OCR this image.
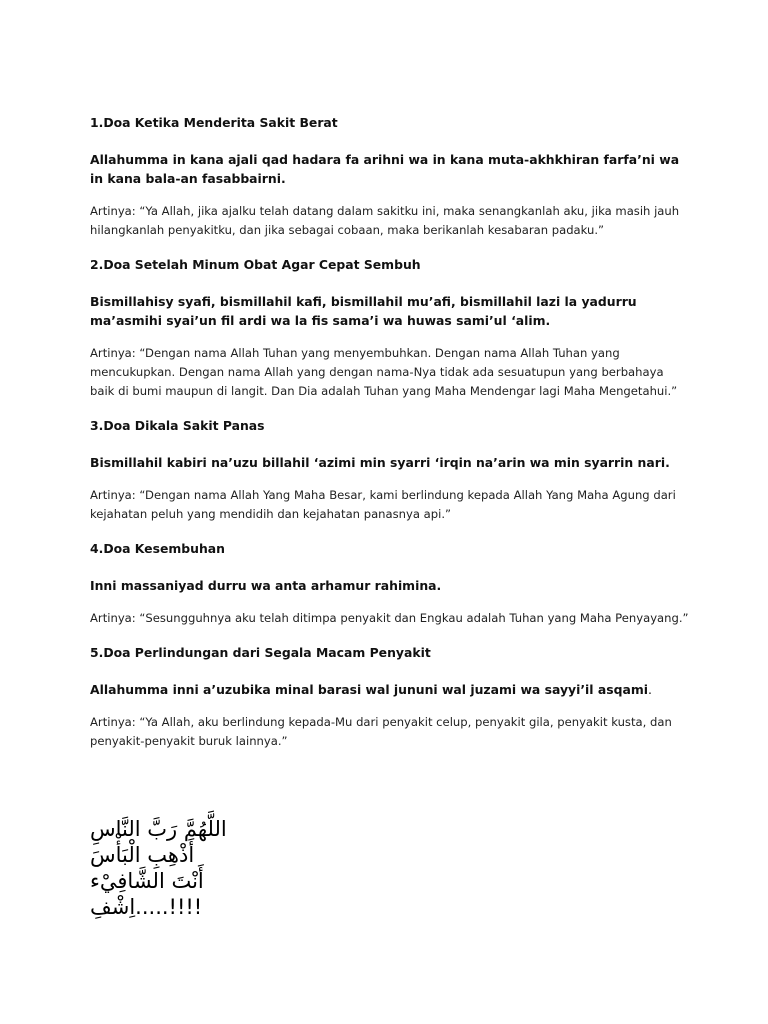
1.Doa Ketika Menderita Sakit Berat

Allahumma in kana ajali qad hadara fa arihni wa in kana muta-akhkhiran farfa’ni wa in kana bala-an fasabbairni.

Artinya: “Ya Allah, jika ajalku telah datang dalam sakitku ini, maka senangkanlah aku, jika masih jauh hilangkanlah penyakitku, dan jika sebagai cobaan, maka berikanlah kesabaran padaku.”

2.Doa Setelah Minum Obat Agar Cepat Sembuh

Bismillahisy syafi, bismillahil kafi, bismillahil mu’afi, bismillahil lazi la yadurru ma’asmihi syai’un fil ardi wa la fis sama’i wa huwas sami’ul ‘alim.

Artinya: “Dengan nama Allah Tuhan yang menyembuhkan. Dengan nama Allah Tuhan yang mencukupkan. Dengan nama Allah yang dengan nama-Nya tidak ada sesuatupun yang berbahaya baik di bumi maupun di langit. Dan Dia adalah Tuhan yang Maha Mendengar lagi Maha Mengetahui.”

3.Doa Dikala Sakit Panas

Bismillahil kabiri na’uzu billahil ‘azimi min syarri ‘irqin na’arin wa min syarrin nari.

Artinya: “Dengan nama Allah Yang Maha Besar, kami berlindung kepada Allah Yang Maha Agung dari kejahatan peluh yang mendidih dan kejahatan panasnya api.”

4.Doa Kesembuhan

Inni massaniyad durru wa anta arhamur rahimina.

Artinya: “Sesungguhnya aku telah ditimpa penyakit dan Engkau adalah Tuhan yang Maha Penyayang.”

5.Doa Perlindungan dari Segala Macam Penyakit

Allahumma inni a’uzubika minal barasi wal jununi wal juzami wa sayyi’il asqami.

Artinya: “Ya Allah, aku berlindung kepada-Mu dari penyakit celup, penyakit gila, penyakit kusta, dan penyakit-penyakit buruk lainnya.”

اللَّهُمَّ رَبَّ النَّاسِ
أَذْهِبِ الْبَأْسَ
أَنْتَ الشَّافِيْء !!!!.....اِشْفِ
